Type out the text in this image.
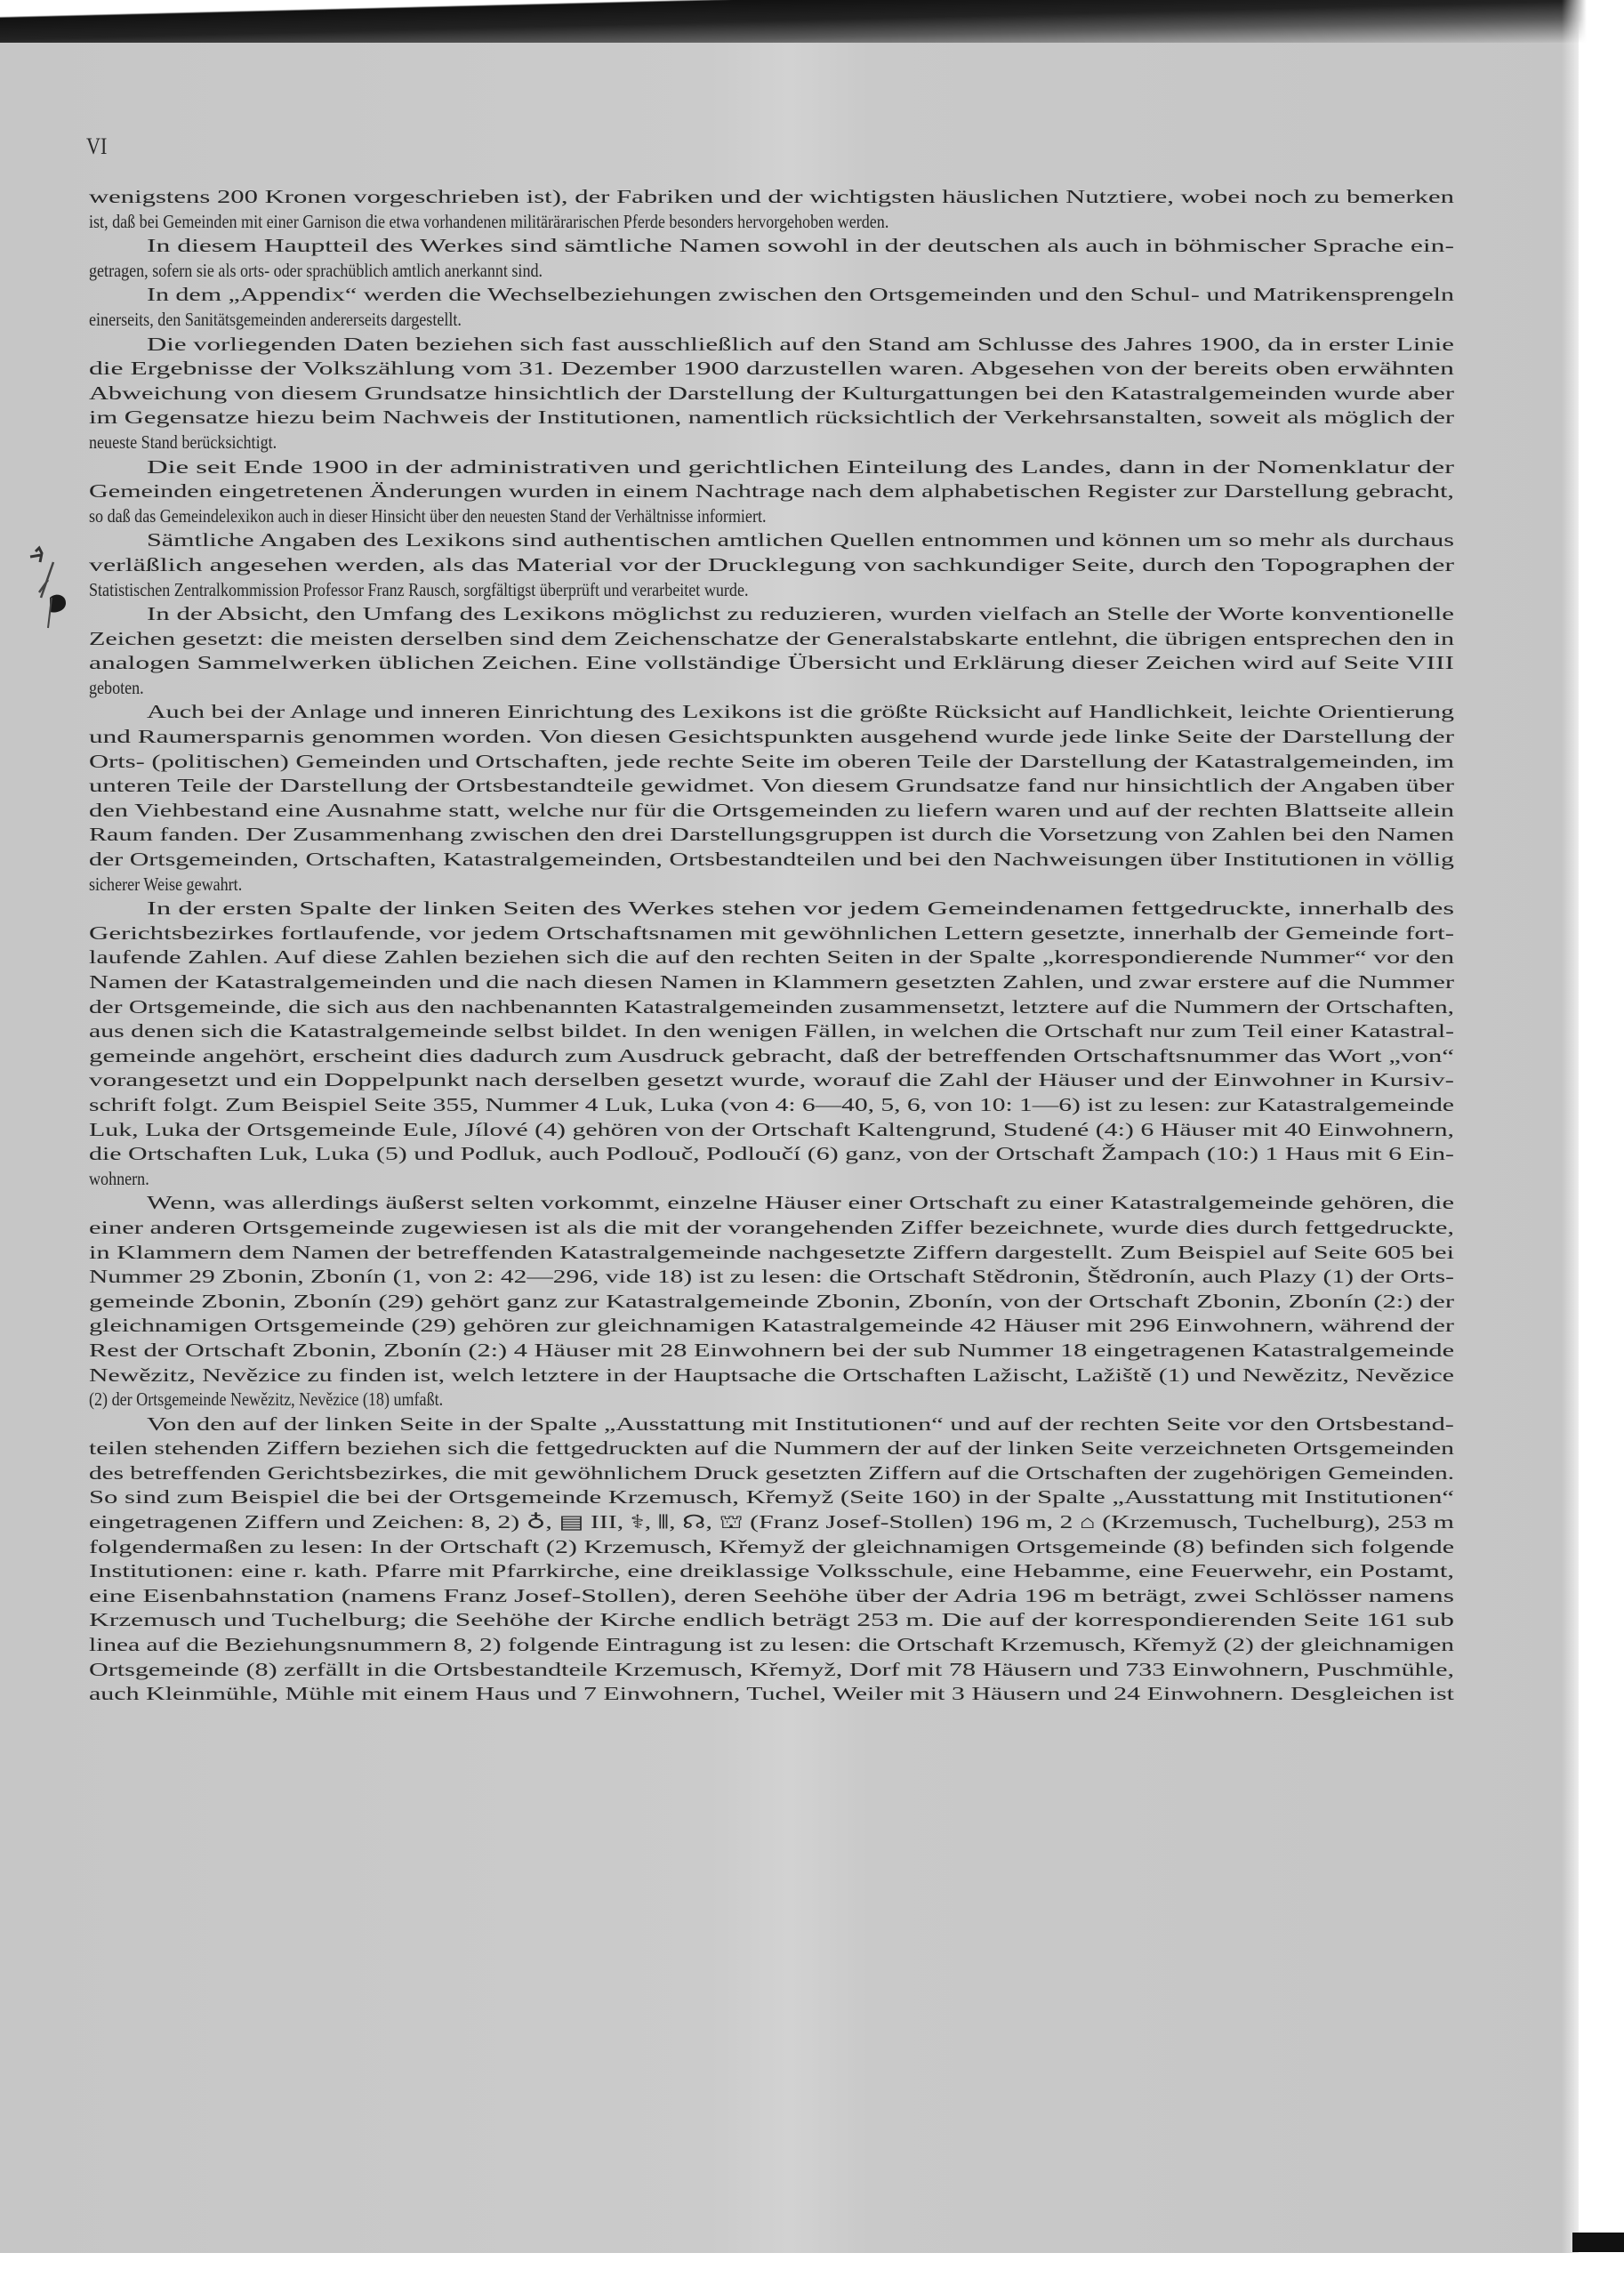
VI
wenigstens 200 Kronen vorgeschrieben ist), der Fabriken und der wichtigsten häuslichen Nutztiere, wobei noch zu bemerken
ist, daß bei Gemeinden mit einer Garnison die etwa vorhandenen militärärarischen Pferde besonders hervorgehoben werden.
In diesem Hauptteil des Werkes sind sämtliche Namen sowohl in der deutschen als auch in böhmischer Sprache ein-
getragen, sofern sie als orts- oder sprachüblich amtlich anerkannt sind.
In dem „Appendix“ werden die Wechselbeziehungen zwischen den Ortsgemeinden und den Schul- und Matrikensprengeln
einerseits, den Sanitätsgemeinden andererseits dargestellt.
Die vorliegenden Daten beziehen sich fast ausschließlich auf den Stand am Schlusse des Jahres 1900, da in erster Linie
die Ergebnisse der Volkszählung vom 31. Dezember 1900 darzustellen waren. Abgesehen von der bereits oben erwähnten
Abweichung von diesem Grundsatze hinsichtlich der Darstellung der Kulturgattungen bei den Katastralgemeinden wurde aber
im Gegensatze hiezu beim Nachweis der Institutionen, namentlich rücksichtlich der Verkehrsanstalten, soweit als möglich der
neueste Stand berücksichtigt.
Die seit Ende 1900 in der administrativen und gerichtlichen Einteilung des Landes, dann in der Nomenklatur der
Gemeinden eingetretenen Änderungen wurden in einem Nachtrage nach dem alphabetischen Register zur Darstellung gebracht,
so daß das Gemeindelexikon auch in dieser Hinsicht über den neuesten Stand der Verhältnisse informiert.
Sämtliche Angaben des Lexikons sind authentischen amtlichen Quellen entnommen und können um so mehr als durchaus
verläßlich angesehen werden, als das Material vor der Drucklegung von sachkundiger Seite, durch den Topographen der
Statistischen Zentralkommission Professor Franz Rausch, sorgfältigst überprüft und verarbeitet wurde.
In der Absicht, den Umfang des Lexikons möglichst zu reduzieren, wurden vielfach an Stelle der Worte konventionelle
Zeichen gesetzt: die meisten derselben sind dem Zeichenschatze der Generalstabskarte entlehnt, die übrigen entsprechen den in
analogen Sammelwerken üblichen Zeichen. Eine vollständige Übersicht und Erklärung dieser Zeichen wird auf Seite VIII
geboten.
Auch bei der Anlage und inneren Einrichtung des Lexikons ist die größte Rücksicht auf Handlichkeit, leichte Orientierung
und Raumersparnis genommen worden. Von diesen Gesichtspunkten ausgehend wurde jede linke Seite der Darstellung der
Orts- (politischen) Gemeinden und Ortschaften, jede rechte Seite im oberen Teile der Darstellung der Katastralgemeinden, im
unteren Teile der Darstellung der Ortsbestandteile gewidmet. Von diesem Grundsatze fand nur hinsichtlich der Angaben über
den Viehbestand eine Ausnahme statt, welche nur für die Ortsgemeinden zu liefern waren und auf der rechten Blattseite allein
Raum fanden. Der Zusammenhang zwischen den drei Darstellungsgruppen ist durch die Vorsetzung von Zahlen bei den Namen
der Ortsgemeinden, Ortschaften, Katastralgemeinden, Ortsbestandteilen und bei den Nachweisungen über Institutionen in völlig
sicherer Weise gewahrt.
In der ersten Spalte der linken Seiten des Werkes stehen vor jedem Gemeindenamen fettgedruckte, innerhalb des
Gerichtsbezirkes fortlaufende, vor jedem Ortschaftsnamen mit gewöhnlichen Lettern gesetzte, innerhalb der Gemeinde fort-
laufende Zahlen. Auf diese Zahlen beziehen sich die auf den rechten Seiten in der Spalte „korrespondierende Nummer“ vor den
Namen der Katastralgemeinden und die nach diesen Namen in Klammern gesetzten Zahlen, und zwar erstere auf die Nummer
der Ortsgemeinde, die sich aus den nachbenannten Katastralgemeinden zusammensetzt, letztere auf die Nummern der Ortschaften,
aus denen sich die Katastralgemeinde selbst bildet. In den wenigen Fällen, in welchen die Ortschaft nur zum Teil einer Katastral-
gemeinde angehört, erscheint dies dadurch zum Ausdruck gebracht, daß der betreffenden Ortschaftsnummer das Wort „von“
vorangesetzt und ein Doppelpunkt nach derselben gesetzt wurde, worauf die Zahl der Häuser und der Einwohner in Kursiv-
schrift folgt. Zum Beispiel Seite 355, Nummer 4 Luk, Luka (von 4: 6—40, 5, 6, von 10: 1—6) ist zu lesen: zur Katastralgemeinde
Luk, Luka der Ortsgemeinde Eule, Jílové (4) gehören von der Ortschaft Kaltengrund, Studené (4:) 6 Häuser mit 40 Einwohnern,
die Ortschaften Luk, Luka (5) und Podluk, auch Podlouč, Podloučí (6) ganz, von der Ortschaft Žampach (10:) 1 Haus mit 6 Ein-
wohnern.
Wenn, was allerdings äußerst selten vorkommt, einzelne Häuser einer Ortschaft zu einer Katastralgemeinde gehören, die
einer anderen Ortsgemeinde zugewiesen ist als die mit der vorangehenden Ziffer bezeichnete, wurde dies durch fettgedruckte,
in Klammern dem Namen der betreffenden Katastralgemeinde nachgesetzte Ziffern dargestellt. Zum Beispiel auf Seite 605 bei
Nummer 29 Zbonin, Zbonín (1, von 2: 42—296, vide 18) ist zu lesen: die Ortschaft Stědronin, Štědronín, auch Plazy (1) der Orts-
gemeinde Zbonin, Zbonín (29) gehört ganz zur Katastralgemeinde Zbonin, Zbonín, von der Ortschaft Zbonin, Zbonín (2:) der
gleichnamigen Ortsgemeinde (29) gehören zur gleichnamigen Katastralgemeinde 42 Häuser mit 296 Einwohnern, während der
Rest der Ortschaft Zbonin, Zbonín (2:) 4 Häuser mit 28 Einwohnern bei der sub Nummer 18 eingetragenen Katastralgemeinde
Newězitz, Nevězice zu finden ist, welch letztere in der Hauptsache die Ortschaften Lažischt, Lažiště (1) und Newězitz, Nevězice
(2) der Ortsgemeinde Newězitz, Nevězice (18) umfaßt.
Von den auf der linken Seite in der Spalte „Ausstattung mit Institutionen“ und auf der rechten Seite vor den Ortsbestand-
teilen stehenden Ziffern beziehen sich die fettgedruckten auf die Nummern der auf der linken Seite verzeichneten Ortsgemeinden
des betreffenden Gerichtsbezirkes, die mit gewöhnlichem Druck gesetzten Ziffern auf die Ortschaften der zugehörigen Gemeinden.
So sind zum Beispiel die bei der Ortsgemeinde Krzemusch, Křemyž (Seite 160) in der Spalte „Ausstattung mit Institutionen“
eingetragenen Ziffern und Zeichen: 8, 2) ♁, ▤ III, ⚕, ⫴, ☊, ⛫ (Franz Josef-Stollen) 196 m, 2 ⌂ (Krzemusch, Tuchelburg), 253 m
folgendermaßen zu lesen: In der Ortschaft (2) Krzemusch, Křemyž der gleichnamigen Ortsgemeinde (8) befinden sich folgende
Institutionen: eine r. kath. Pfarre mit Pfarrkirche, eine dreiklassige Volksschule, eine Hebamme, eine Feuerwehr, ein Postamt,
eine Eisenbahnstation (namens Franz Josef-Stollen), deren Seehöhe über der Adria 196 m beträgt, zwei Schlösser namens
Krzemusch und Tuchelburg; die Seehöhe der Kirche endlich beträgt 253 m. Die auf der korrespondierenden Seite 161 sub
linea auf die Beziehungsnummern 8, 2) folgende Eintragung ist zu lesen: die Ortschaft Krzemusch, Křemyž (2) der gleichnamigen
Ortsgemeinde (8) zerfällt in die Ortsbestandteile Krzemusch, Křemyž, Dorf mit 78 Häusern und 733 Einwohnern, Puschmühle,
auch Kleinmühle, Mühle mit einem Haus und 7 Einwohnern, Tuchel, Weiler mit 3 Häusern und 24 Einwohnern. Desgleichen ist
